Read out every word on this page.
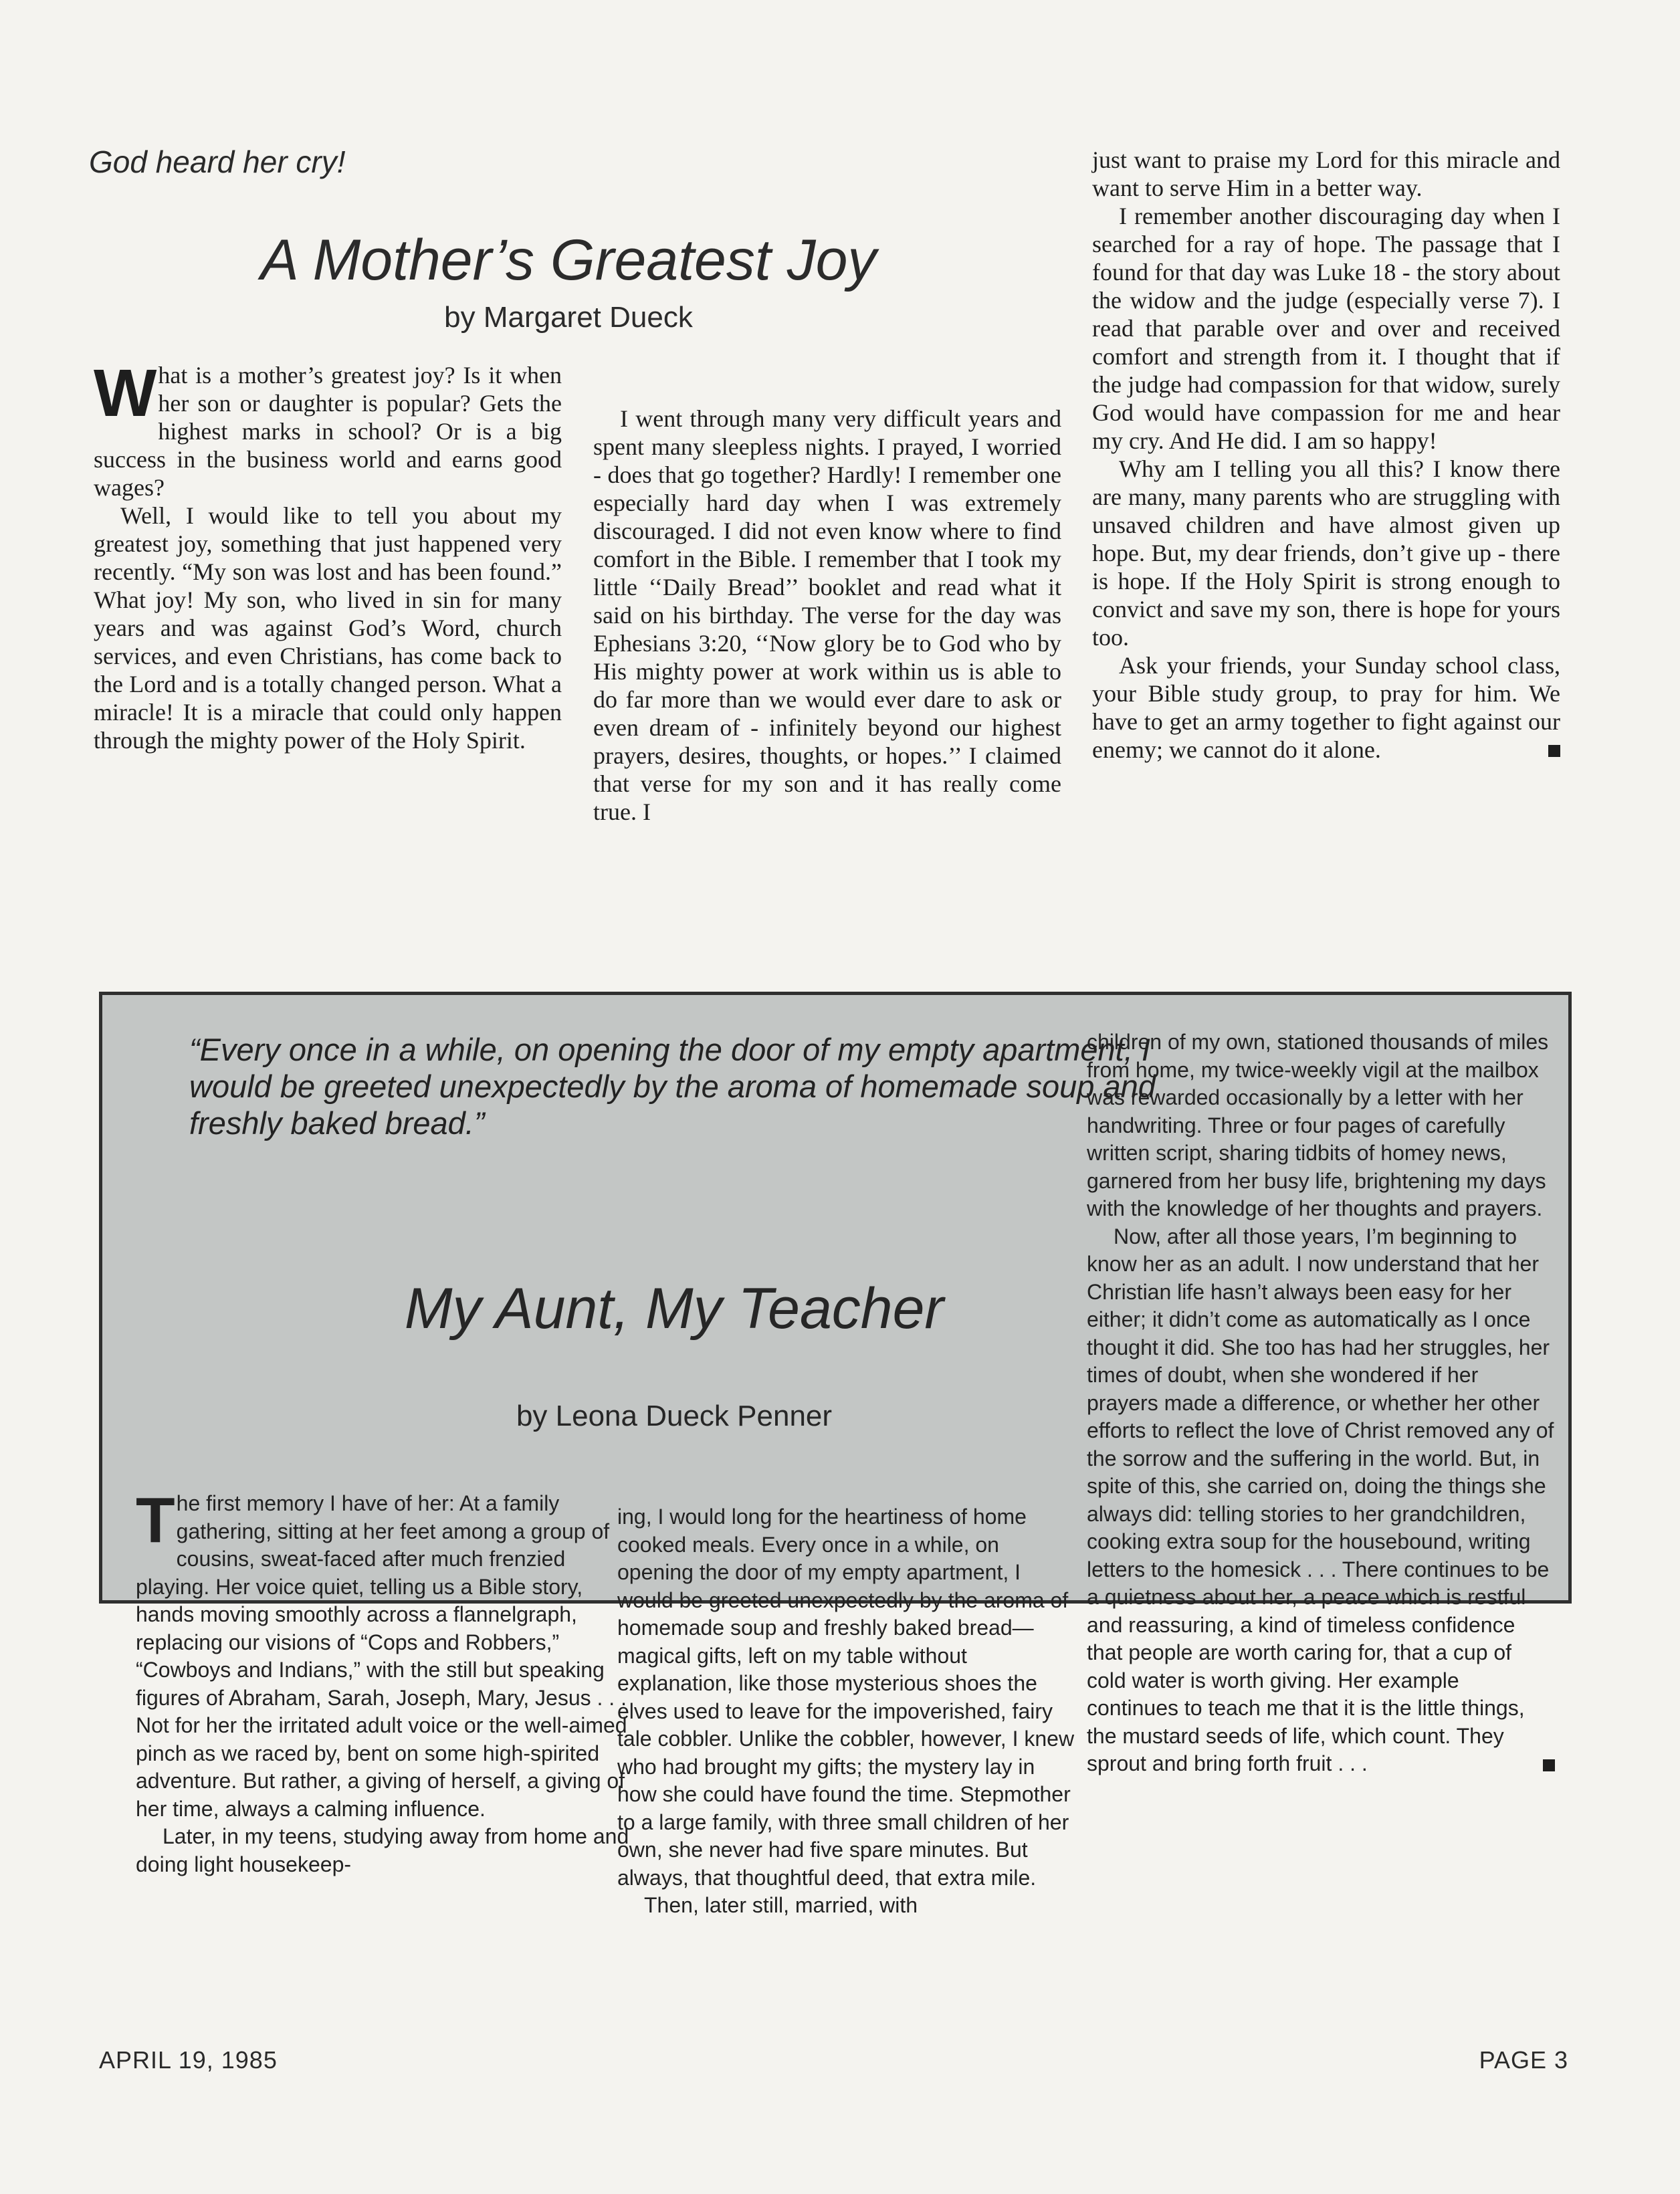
God heard her cry!
A Mother’s Greatest Joy
by Margaret Dueck

What is a mother’s greatest joy? Is it when her son or daughter is popular? Gets the highest marks in school? Or is a big success in the business world and earns good wages?

Well, I would like to tell you about my greatest joy, something that just happened very recently. “My son was lost and has been found.” What joy! My son, who lived in sin for many years and was against God’s Word, church services, and even Christians, has come back to the Lord and is a totally changed person. What a miracle! It is a miracle that could only happen through the mighty power of the Holy Spirit.

I went through many very difficult years and spent many sleepless nights. I prayed, I worried - does that go together? Hardly! I remember one especially hard day when I was extremely discouraged. I did not even know where to find comfort in the Bible. I remember that I took my little ‘‘Daily Bread’’ booklet and read what it said on his birthday. The verse for the day was Ephesians 3:20, ‘‘Now glory be to God who by His mighty power at work within us is able to do far more than we would ever dare to ask or even dream of - infinitely beyond our highest prayers, desires, thoughts, or hopes.’’ I claimed that verse for my son and it has really come true. I

just want to praise my Lord for this miracle and want to serve Him in a better way.

I remember another discouraging day when I searched for a ray of hope. The passage that I found for that day was Luke 18 - the story about the widow and the judge (especially verse 7). I read that parable over and over and received comfort and strength from it. I thought that if the judge had compassion for that widow, surely God would have compassion for me and hear my cry. And He did. I am so happy!

Why am I telling you all this? I know there are many, many parents who are struggling with unsaved children and have almost given up hope. But, my dear friends, don’t give up - there is hope. If the Holy Spirit is strong enough to convict and save my son, there is hope for yours too.

Ask your friends, your Sunday school class, your Bible study group, to pray for him. We have to get an army together to fight against our enemy; we cannot do it alone.

“Every once in a while, on opening the door of my empty apartment, I would be greeted unexpectedly by the aroma of homemade soup and freshly baked bread.”
My Aunt, My Teacher
by Leona Dueck Penner

The first memory I have of her: At a family gathering, sitting at her feet among a group of cousins, sweat-faced after much frenzied playing. Her voice quiet, telling us a Bible story, hands moving smoothly across a flannelgraph, replacing our visions of “Cops and Robbers,” “Cowboys and Indians,” with the still but speaking figures of Abraham, Sarah, Joseph, Mary, Jesus . . . Not for her the irritated adult voice or the well-aimed pinch as we raced by, bent on some high-spirited adventure. But rather, a giving of herself, a giving of her time, always a calming influence.

Later, in my teens, studying away from home and doing light housekeep-

ing, I would long for the heartiness of home cooked meals. Every once in a while, on opening the door of my empty apartment, I would be greeted unexpectedly by the aroma of homemade soup and freshly baked bread—magical gifts, left on my table without explanation, like those mysterious shoes the elves used to leave for the impoverished, fairy tale cobbler. Unlike the cobbler, however, I knew who had brought my gifts; the mystery lay in how she could have found the time. Stepmother to a large family, with three small children of her own, she never had five spare minutes. But always, that thoughtful deed, that extra mile.

Then, later still, married, with

children of my own, stationed thousands of miles from home, my twice-weekly vigil at the mailbox was rewarded occasionally by a letter with her handwriting. Three or four pages of carefully written script, sharing tidbits of homey news, garnered from her busy life, brightening my days with the knowledge of her thoughts and prayers.

Now, after all those years, I’m beginning to know her as an adult. I now understand that her Christian life hasn’t always been easy for her either; it didn’t come as automatically as I once thought it did. She too has had her struggles, her times of doubt, when she wondered if her prayers made a difference, or whether her other efforts to reflect the love of Christ removed any of the sorrow and the suffering in the world. But, in spite of this, she carried on, doing the things she always did: telling stories to her grandchildren, cooking extra soup for the housebound, writing letters to the homesick . . . There continues to be a quietness about her, a peace which is restful and reassuring, a kind of timeless confidence that people are worth caring for, that a cup of cold water is worth giving. Her example continues to teach me that it is the little things, the mustard seeds of life, which count. They sprout and bring forth fruit . . .

APRIL 19, 1985	PAGE 3
